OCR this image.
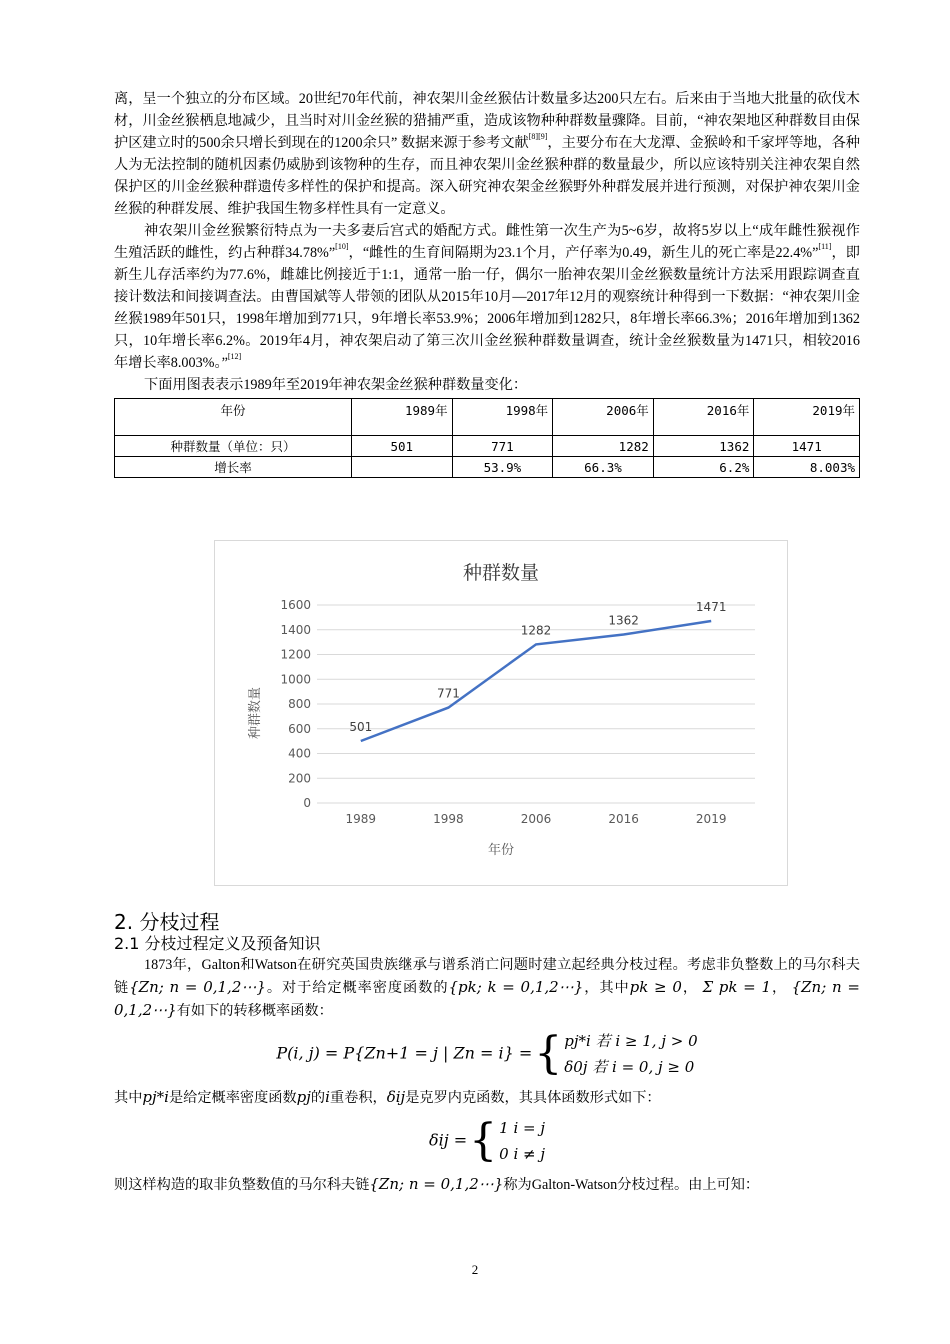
离，呈一个独立的分布区域。20世纪70年代前，神农架川金丝猴估计数量多达200只左右。后来由于当地大批量的砍伐木材，川金丝猴栖息地减少，且当时对川金丝猴的猎捕严重，造成该物种种群数量骤降。目前，“神农架地区种群数目由保护区建立时的500余只增长到现在的1200余只” 数据来源于参考文献[8][9]，主要分布在大龙潭、金猴岭和千家坪等地，各种人为无法控制的随机因素仍威胁到该物种的生存，而且神农架川金丝猴种群的数量最少，所以应该特别关注神农架自然保护区的川金丝猴种群遗传多样性的保护和提高。深入研究神农架金丝猴野外种群发展并进行预测，对保护神农架川金丝猴的种群发展、维护我国生物多样性具有一定意义。

神农架川金丝猴繁衍特点为一夫多妻后宫式的婚配方式。雌性第一次生产为5~6岁，故将5岁以上“成年雌性猴视作生殖活跃的雌性，约占种群34.78%”[10]，“雌性的生育间隔期为23.1个月，产仔率为0.49，新生儿的死亡率是22.4%”[11]，即新生儿存活率约为77.6%，雌雄比例接近于1:1，通常一胎一仔，偶尔一胎神农架川金丝猴数量统计方法采用跟踪调查直接计数法和间接调查法。由曹国斌等人带领的团队从2015年10月—2017年12月的观察统计种得到一下数据：“神农架川金丝猴1989年501只，1998年增加到771只，9年增长率53.9%；2006年增加到1282只，8年增长率66.3%；2016年增加到1362只，10年增长率6.2%。2019年4月，神农架启动了第三次川金丝猴种群数量调查，统计金丝猴数量为1471只，相较2016年增长率8.003%。”[12]

下面用图表表示1989年至2019年神农架金丝猴种群数量变化：

年份	1989年	1998年	2006年	2016年	2019年
种群数量（单位：只）	501	771	1282	1362	1471
增长率		53.9%	66.3%	6.2%	8.003%
种群数量
0
200
400
600
800
1000
1200
1400
1600
1989	1998	2006	2016	2019
501
771
1282
1362
1471
年份
种群数量
2. 分枝过程
2.1 分枝过程定义及预备知识

1873年，Galton和Watson在研究英国贵族继承与谱系消亡问题时建立起经典分枝过程。考虑非负整数上的马尔科夫链{Zn; n = 0,1,2⋯}。对于给定概率密度函数的{pk; k = 0,1,2⋯}，其中pk ≥ 0， Σ pk = 1， {Zn; n = 0,1,2⋯}有如下的转移概率函数：

P(i, j) = P{Zn+1 = j | Zn = i} ={ pj*i 若 i ≥ 1, j > 0
δ0j 若 i = 0, j ≥ 0

其中pj*i是给定概率密度函数pj的i重卷积，δij是克罗内克函数，其具体函数形式如下：

δij ={ 1 i = j
0 i ≠ j

则这样构造的取非负整数值的马尔科夫链{Zn; n = 0,1,2⋯}称为Galton-Watson分枝过程。由上可知：

2
